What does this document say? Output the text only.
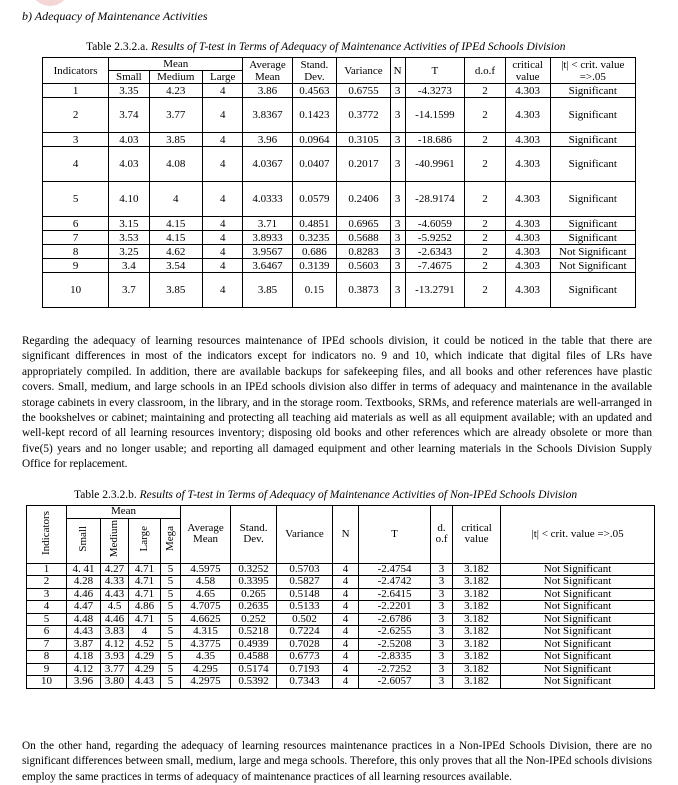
b) Adequacy of Maintenance Activities
Table 2.3.2.a. Results of T-test in Terms of Adequacy of Maintenance Activities of IPEd Schools Division
Indicators	Mean			Average Mean	Stand. Dev.	Variance	N	T	d.o.f	critical value	|t| < crit. value =>.05
	Small	Medium	Large								
1	3.35	4.23	4	3.86	0.4563	0.6755	3	-4.3273	2	4.303	Significant
2	3.74	3.77	4	3.8367	0.1423	0.3772	3	-14.1599	2	4.303	Significant
3	4.03	3.85	4	3.96	0.0964	0.3105	3	-18.686	2	4.303	Significant
4	4.03	4.08	4	4.0367	0.0407	0.2017	3	-40.9961	2	4.303	Significant
5	4.10	4	4	4.0333	0.0579	0.2406	3	-28.9174	2	4.303	Significant
6	3.15	4.15	4	3.71	0.4851	0.6965	3	-4.6059	2	4.303	Significant
7	3.53	4.15	4	3.8933	0.3235	0.5688	3	-5.9252	2	4.303	Significant
8	3.25	4.62	4	3.9567	0.686	0.8283	3	-2.6343	2	4.303	Not Significant
9	3.4	3.54	4	3.6467	0.3139	0.5603	3	-7.4675	2	4.303	Not Significant
10	3.7	3.85	4	3.85	0.15	0.3873	3	-13.2791	2	4.303	Significant
Regarding the adequacy of learning resources maintenance of IPEd schools division, it could be noticed in the table that there are significant differences in most of the indicators except for indicators no. 9 and 10, which indicate that digital files of LRs have appropriately compiled. In addition, there are available backups for safekeeping files, and all books and other references have plastic covers. Small, medium, and large schools in an IPEd schools division also differ in terms of adequacy and maintenance in the available storage cabinets in every classroom, in the library, and in the storage room. Textbooks, SRMs, and reference materials are well-arranged in the bookshelves or cabinet; maintaining and protecting all teaching aid materials as well as all equipment available; with an updated and well-kept record of all learning resources inventory; disposing old books and other references which are already obsolete or more than five(5) years and no longer usable; and reporting all damaged equipment and other learning materials in the Schools Division Supply Office for replacement.
Table 2.3.2.b. Results of T-test in Terms of Adequacy of Maintenance Activities of Non-IPEd Schools Division
Indicators	Mean				Average Mean	Stand. Dev.	Variance	N	T	d. o.f	critical value	|t| < crit. value =>.05
	Small	Medium	Large	Mega								
1	4. 41	4.27	4.71	5	4.5975	0.3252	0.5703	4	-2.4754	3	3.182	Not Significant
2	4.28	4.33	4.71	5	4.58	0.3395	0.5827	4	-2.4742	3	3.182	Not Significant
3	4.46	4.43	4.71	5	4.65	0.265	0.5148	4	-2.6415	3	3.182	Not Significant
4	4.47	4.5	4.86	5	4.7075	0.2635	0.5133	4	-2.2201	3	3.182	Not Significant
5	4.48	4.46	4.71	5	4.6625	0.252	0.502	4	-2.6786	3	3.182	Not Significant
6	4.43	3.83	4	5	4.315	0.5218	0.7224	4	-2.6255	3	3.182	Not Significant
7	3.87	4.12	4.52	5	4.3775	0.4939	0.7028	4	-2.5208	3	3.182	Not Significant
8	4.18	3.93	4.29	5	4.35	0.4588	0.6773	4	-2.8335	3	3.182	Not Significant
9	4.12	3.77	4.29	5	4.295	0.5174	0.7193	4	-2.7252	3	3.182	Not Significant
10	3.96	3.80	4.43	5	4.2975	0.5392	0.7343	4	-2.6057	3	3.182	Not Significant
On the other hand, regarding the adequacy of learning resources maintenance practices in a Non-IPEd Schools Division, there are no significant differences between small, medium, large and mega schools. Therefore, this only proves that all the Non-IPEd schools divisions employ the same practices in terms of adequacy of maintenance practices of all learning resources available.
